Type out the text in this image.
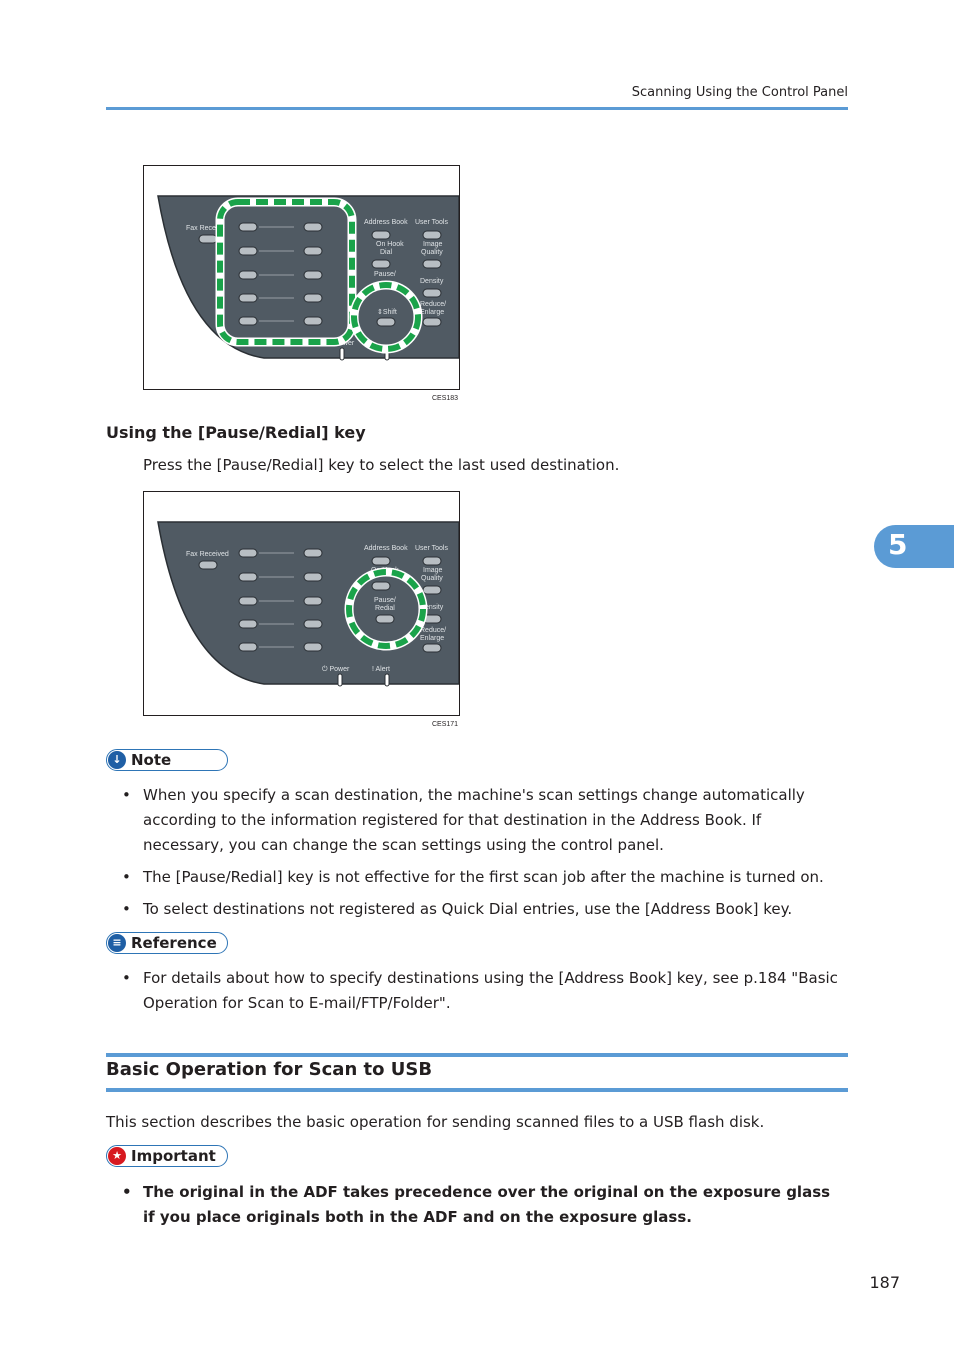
Scanning Using the Control Panel
Fax Receive
Address Book User Tools
On Hook
Dial
Image
Quality
Pause/
Density
⇕Shift
Reduce/
Enlarge
ower
CES183
Using the [Pause/Redial] key
Press the [Pause/Redial] key to select the last used destination.
Fax Received
Address Book User Tools
On Hook	Image
Quality
Pause/
Redial	ensity
Reduce/
Enlarge
⏻ Power	! Alert
CES171
↓ Note
• When you specify a scan destination, the machine's scan settings change automatically according to the information registered for that destination in the Address Book. If necessary, you can change the scan settings using the control panel.
• The [Pause/Redial] key is not effective for the first scan job after the machine is turned on.
• To select destinations not registered as Quick Dial entries, use the [Address Book] key.
≡ Reference
• For details about how to specify destinations using the [Address Book] key, see p.184 "Basic Operation for Scan to E-mail/FTP/Folder".
Basic Operation for Scan to USB
This section describes the basic operation for sending scanned files to a USB flash disk.
★ Important
• The original in the ADF takes precedence over the original on the exposure glass if you place originals both in the ADF and on the exposure glass.
5
187
